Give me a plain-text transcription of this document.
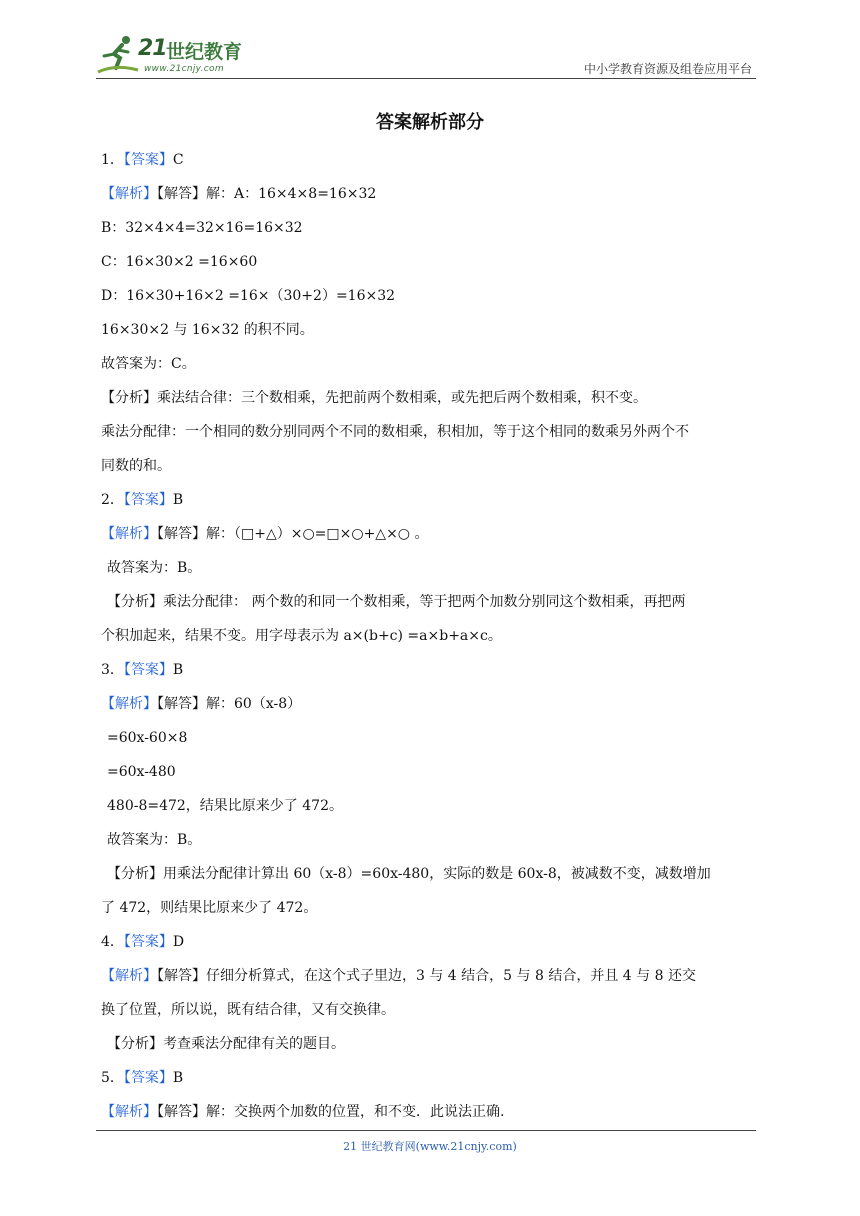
21 世纪教育
www.21cnjy.com	中小学教育资源及组卷应用平台
答案解析部分
1．【答案】C
【解析】【解答】解：A：16×4×8=16×32
B：32×4×4=32×16=16×32
C：16×30×2 =16×60
D：16×30+16×2 =16×（30+2）=16×32
16×30×2 与 16×32 的积不同。
故答案为：C。
【分析】乘法结合律：三个数相乘，先把前两个数相乘，或先把后两个数相乘，积不变。
乘法分配律：一个相同的数分别同两个不同的数相乘，积相加，等于这个相同的数乘另外两个不
同数的和。
2．【答案】B
【解析】【解答】解：（□+△）×○=□×○+△×○ 。
故答案为：B。
【分析】乘法分配律： 两个数的和同一个数相乘，等于把两个加数分别同这个数相乘，再把两
个积加起来，结果不变。用字母表示为 a×(b+c) =a×b+a×c。
3．【答案】B
【解析】【解答】解：60（x-8）
=60x-60×8
=60x-480
480-8=472，结果比原来少了 472。
故答案为：B。
【分析】用乘法分配律计算出 60（x-8）=60x-480，实际的数是 60x-8，被减数不变，减数增加
了 472，则结果比原来少了 472。
4．【答案】D
【解析】【解答】仔细分析算式，在这个式子里边，3 与 4 结合，5 与 8 结合，并且 4 与 8 还交
换了位置，所以说，既有结合律，又有交换律。
【分析】考查乘法分配律有关的题目。
5．【答案】B
【解析】【解答】解：交换两个加数的位置，和不变．此说法正确.
21 世纪教育网(www.21cnjy.com)
